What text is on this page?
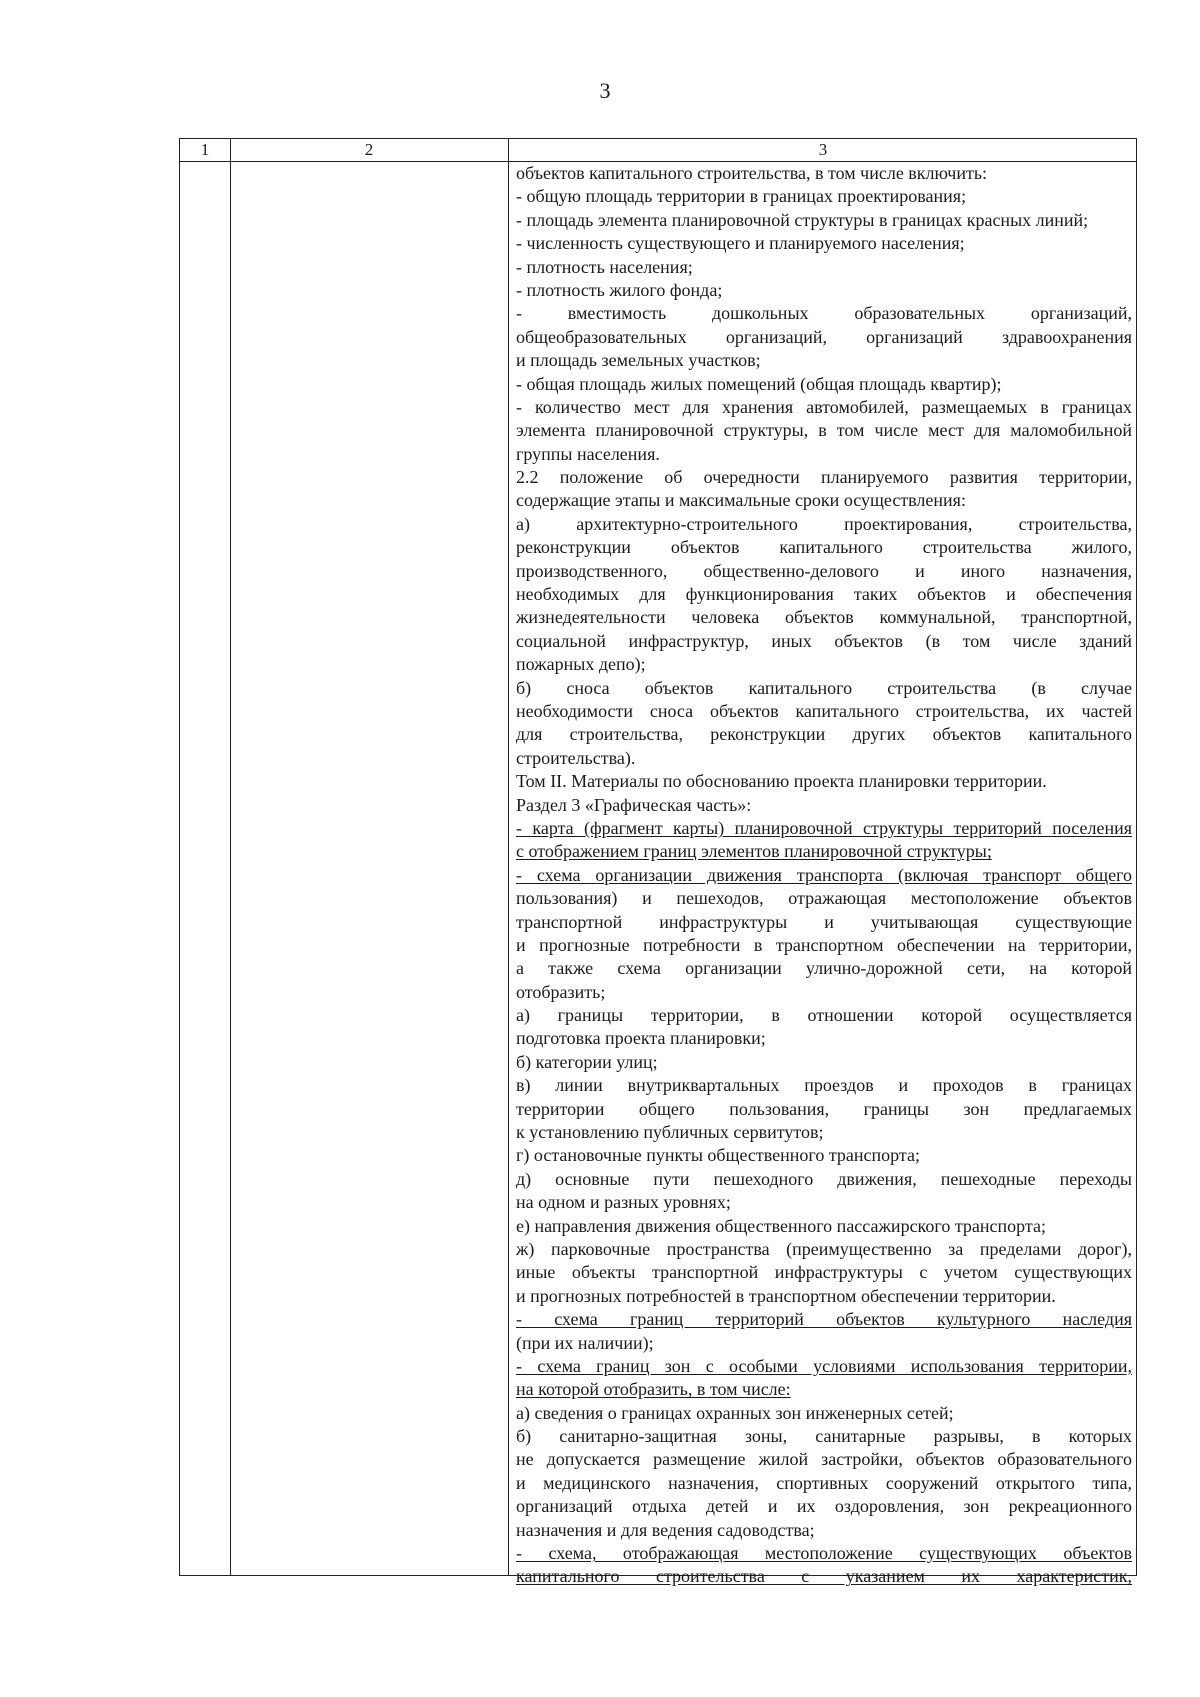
3
1	2	3
объектов капитального строительства, в том числе включить:
- общую площадь территории в границах проектирования;
- площадь элемента планировочной структуры в границах красных линий;
- численность существующего и планируемого населения;
- плотность населения;
- плотность жилого фонда;
- вместимость дошкольных образовательных организаций,
общеобразовательных организаций, организаций здравоохранения
и площадь земельных участков;
- общая площадь жилых помещений (общая площадь квартир);
- количество мест для хранения автомобилей, размещаемых в границах
элемента планировочной структуры, в том числе мест для маломобильной
группы населения.
2.2 положение об очередности планируемого развития территории,
содержащие этапы и максимальные сроки осуществления:
а) архитектурно-строительного проектирования, строительства,
реконструкции объектов капитального строительства жилого,
производственного, общественно-делового и иного назначения,
необходимых для функционирования таких объектов и обеспечения
жизнедеятельности человека объектов коммунальной, транспортной,
социальной инфраструктур, иных объектов (в том числе зданий
пожарных депо);
б) сноса объектов капитального строительства (в случае
необходимости сноса объектов капитального строительства, их частей
для строительства, реконструкции других объектов капитального
строительства).
Том II. Материалы по обоснованию проекта планировки территории.
Раздел 3 «Графическая часть»:
- карта (фрагмент карты) планировочной структуры территорий поселения
с отображением границ элементов планировочной структуры;
- схема организации движения транспорта (включая транспорт общего
пользования) и пешеходов, отражающая местоположение объектов
транспортной инфраструктуры и учитывающая существующие
и прогнозные потребности в транспортном обеспечении на территории,
а также схема организации улично-дорожной сети, на которой
отобразить;
а) границы территории, в отношении которой осуществляется
подготовка проекта планировки;
б) категории улиц;
в) линии внутриквартальных проездов и проходов в границах
территории общего пользования, границы зон предлагаемых
к установлению публичных сервитутов;
г) остановочные пункты общественного транспорта;
д) основные пути пешеходного движения, пешеходные переходы
на одном и разных уровнях;
е) направления движения общественного пассажирского транспорта;
ж) парковочные пространства (преимущественно за пределами дорог),
иные объекты транспортной инфраструктуры с учетом существующих
и прогнозных потребностей в транспортном обеспечении территории.
- схема границ территорий объектов культурного наследия
(при их наличии);
- схема границ зон с особыми условиями использования территории,
на которой отобразить, в том числе:
а) сведения о границах охранных зон инженерных сетей;
б) санитарно-защитная зоны, санитарные разрывы, в которых
не допускается размещение жилой застройки, объектов образовательного
и медицинского назначения, спортивных сооружений открытого типа,
организаций отдыха детей и их оздоровления, зон рекреационного
назначения и для ведения садоводства;
- схема, отображающая местоположение существующих объектов
капитального строительства с указанием их характеристик,
